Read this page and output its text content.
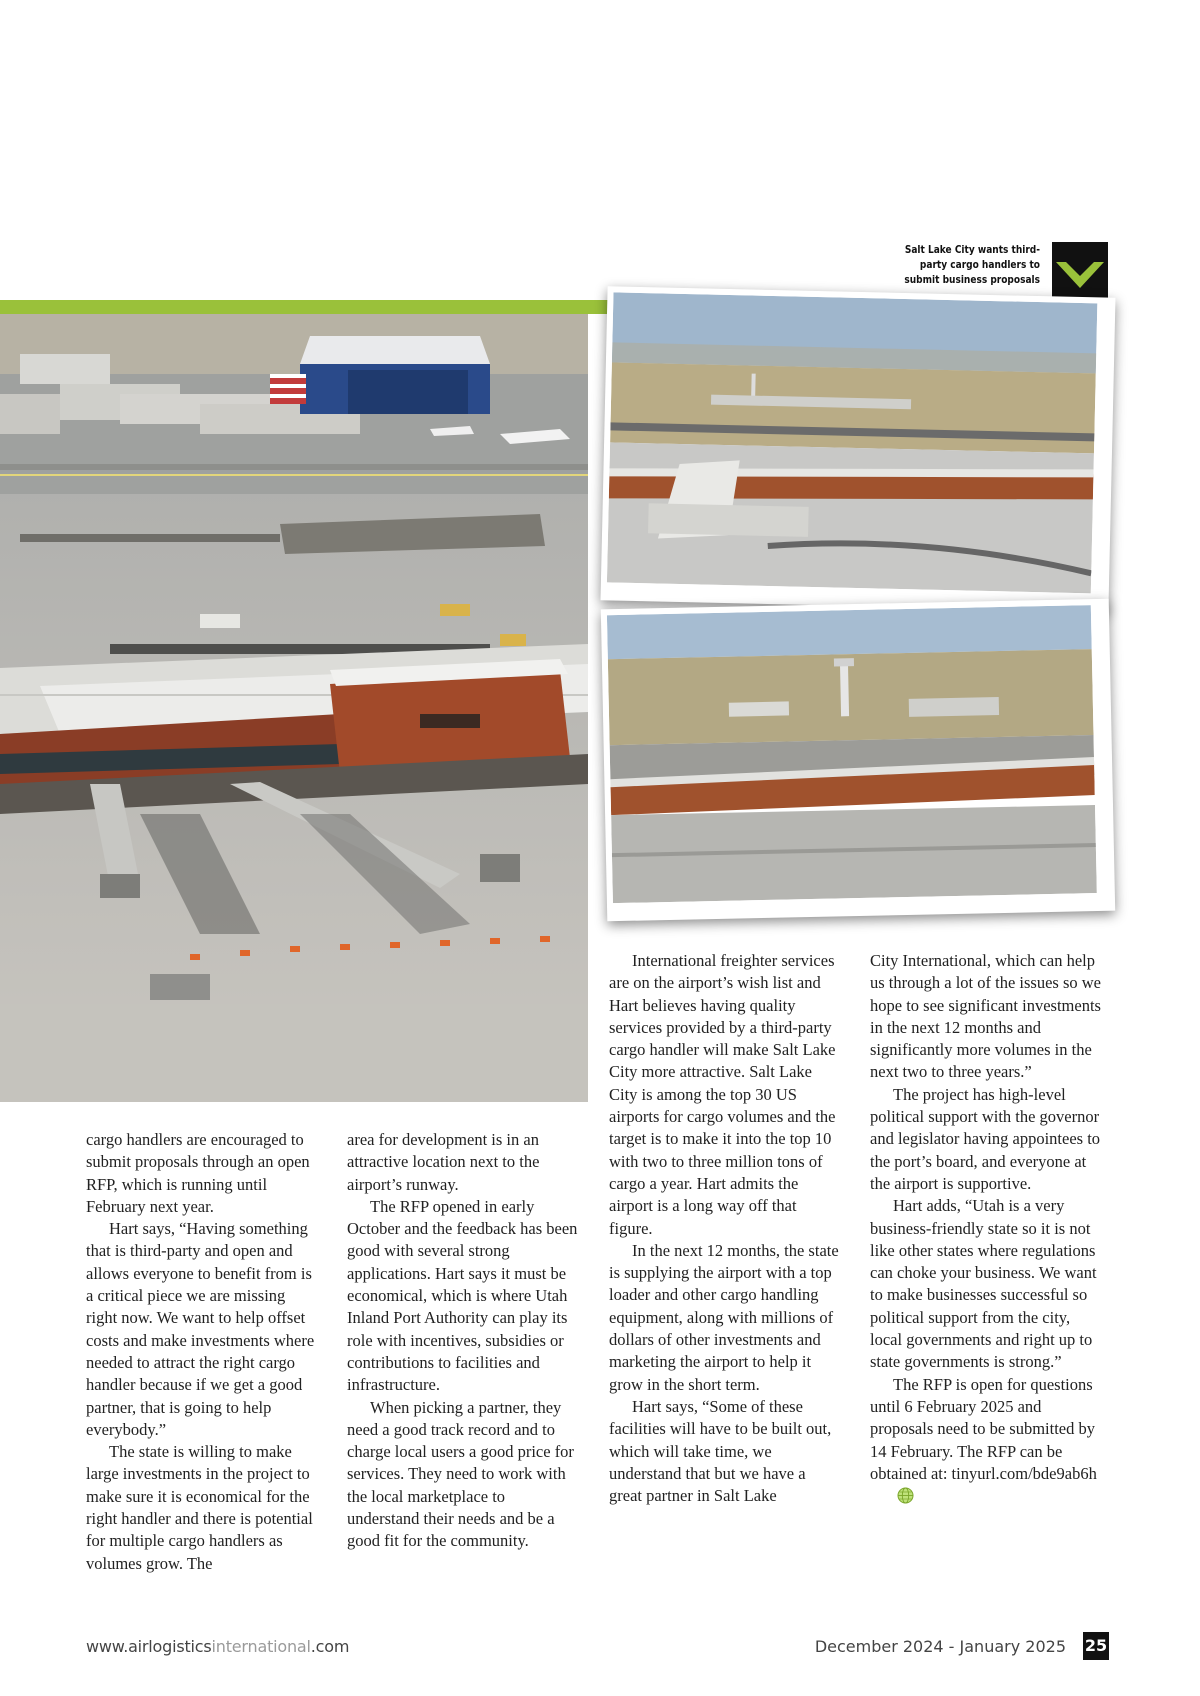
Salt Lake City wants third-
party cargo handlers to
submit business proposals

cargo handlers are encouraged to submit proposals through an open RFP, which is running until February next year.

Hart says, “Having something that is third-party and open and allows everyone to benefit from is a critical piece we are missing right now. We want to help offset costs and make investments where needed to attract the right cargo handler because if we get a good partner, that is going to help everybody.”

The state is willing to make large investments in the project to make sure it is economical for the right handler and there is potential for multiple cargo handlers as volumes grow. The

area for development is in an attractive location next to the airport’s runway.

The RFP opened in early October and the feedback has been good with several strong applications. Hart says it must be economical, which is where Utah Inland Port Authority can play its role with incentives, subsidies or contributions to facilities and infrastructure.

When picking a partner, they need a good track record and to charge local users a good price for services. They need to work with the local marketplace to understand their needs and be a good fit for the community.

International freighter services are on the airport’s wish list and Hart believes having quality services provided by a third-party cargo handler will make Salt Lake City more attractive. Salt Lake City is among the top 30 US airports for cargo volumes and the target is to make it into the top 10 with two to three million tons of cargo a year. Hart admits the airport is a long way off that figure.

In the next 12 months, the state is supplying the airport with a top loader and other cargo handling equipment, along with millions of dollars of other investments and marketing the airport to help it grow in the short term.

Hart says, “Some of these facilities will have to be built out, which will take time, we understand that but we have a great partner in Salt Lake

City International, which can help us through a lot of the issues so we hope to see significant investments in the next 12 months and significantly more volumes in the next two to three years.”

The project has high-level political support with the governor and legislator having appointees to the port’s board, and everyone at the airport is supportive.

Hart adds, “Utah is a very business-friendly state so it is not like other states where regulations can choke your business. We want to make businesses successful so political support from the city, local governments and right up to state governments is strong.”

The RFP is open for questions until 6 February 2025 and proposals need to be submitted by 14 February. The RFP can be obtained at: tinyurl.com/bde9ab6h

www.airlogisticsinternational.com	December 2024 - January 2025 25
